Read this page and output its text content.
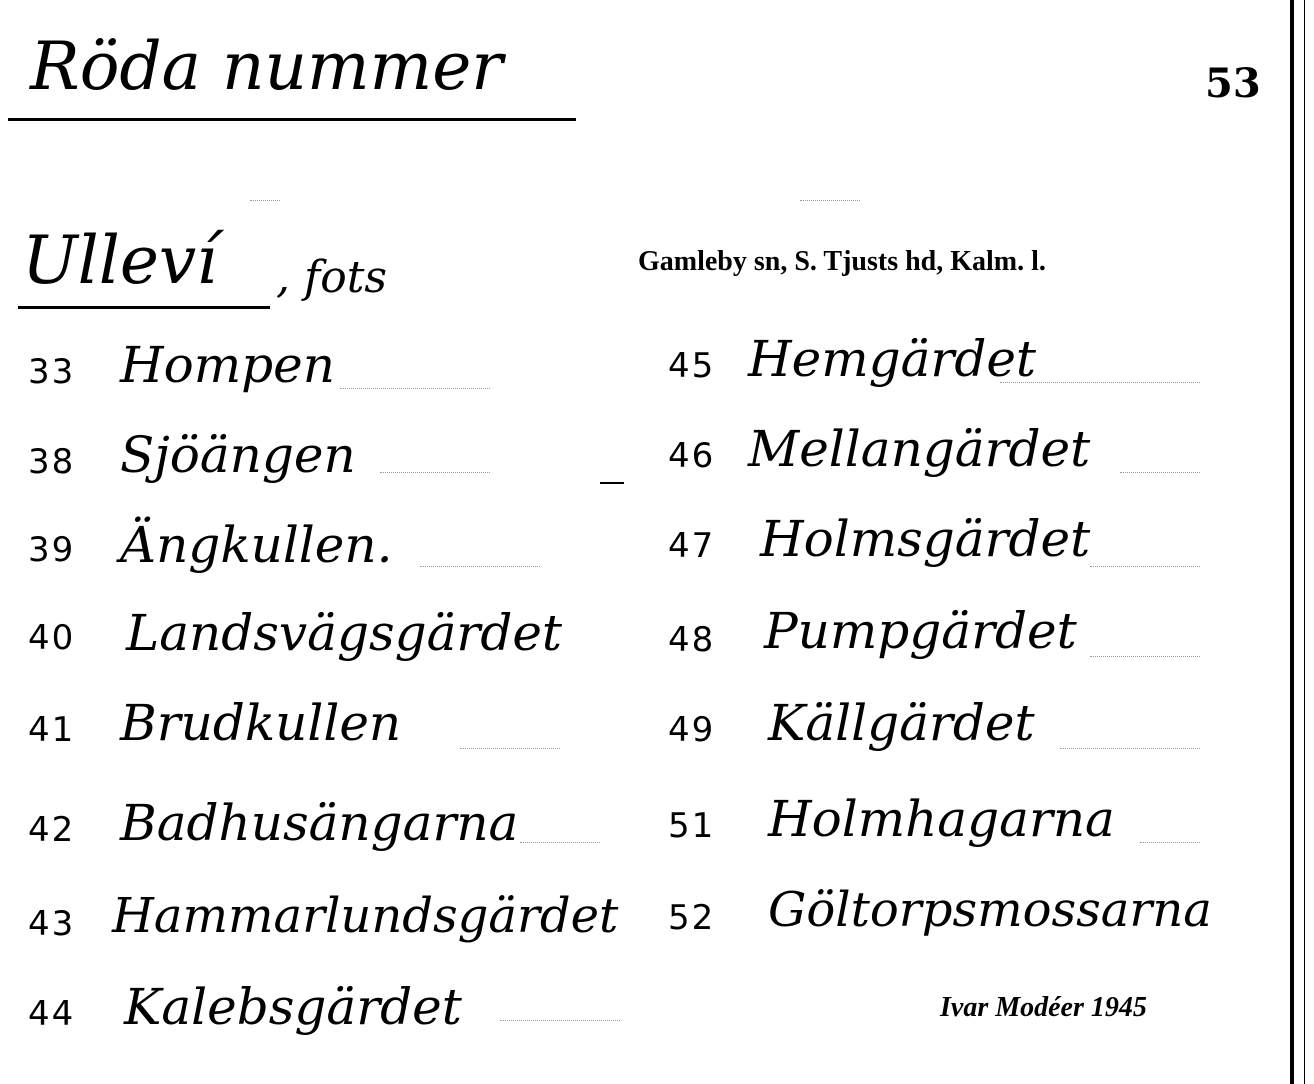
Röda nummer	53
Ulleví , fots	Gamleby sn, S. Tjusts hd, Kalm. l.
33 Hompen
38 Sjöängen
39 Ängkullen.
40 Landsvägsgärdet
41 Brudkullen
42 Badhusängarna
43 Hammarlundsgärdet
44 Kalebsgärdet
45 Hemgärdet
46 Mellangärdet
47 Holmsgärdet
48 Pumpgärdet
49 Källgärdet
51 Holmhagarna
52 Göltorpsmossarna
Ivar Modéer 1945
